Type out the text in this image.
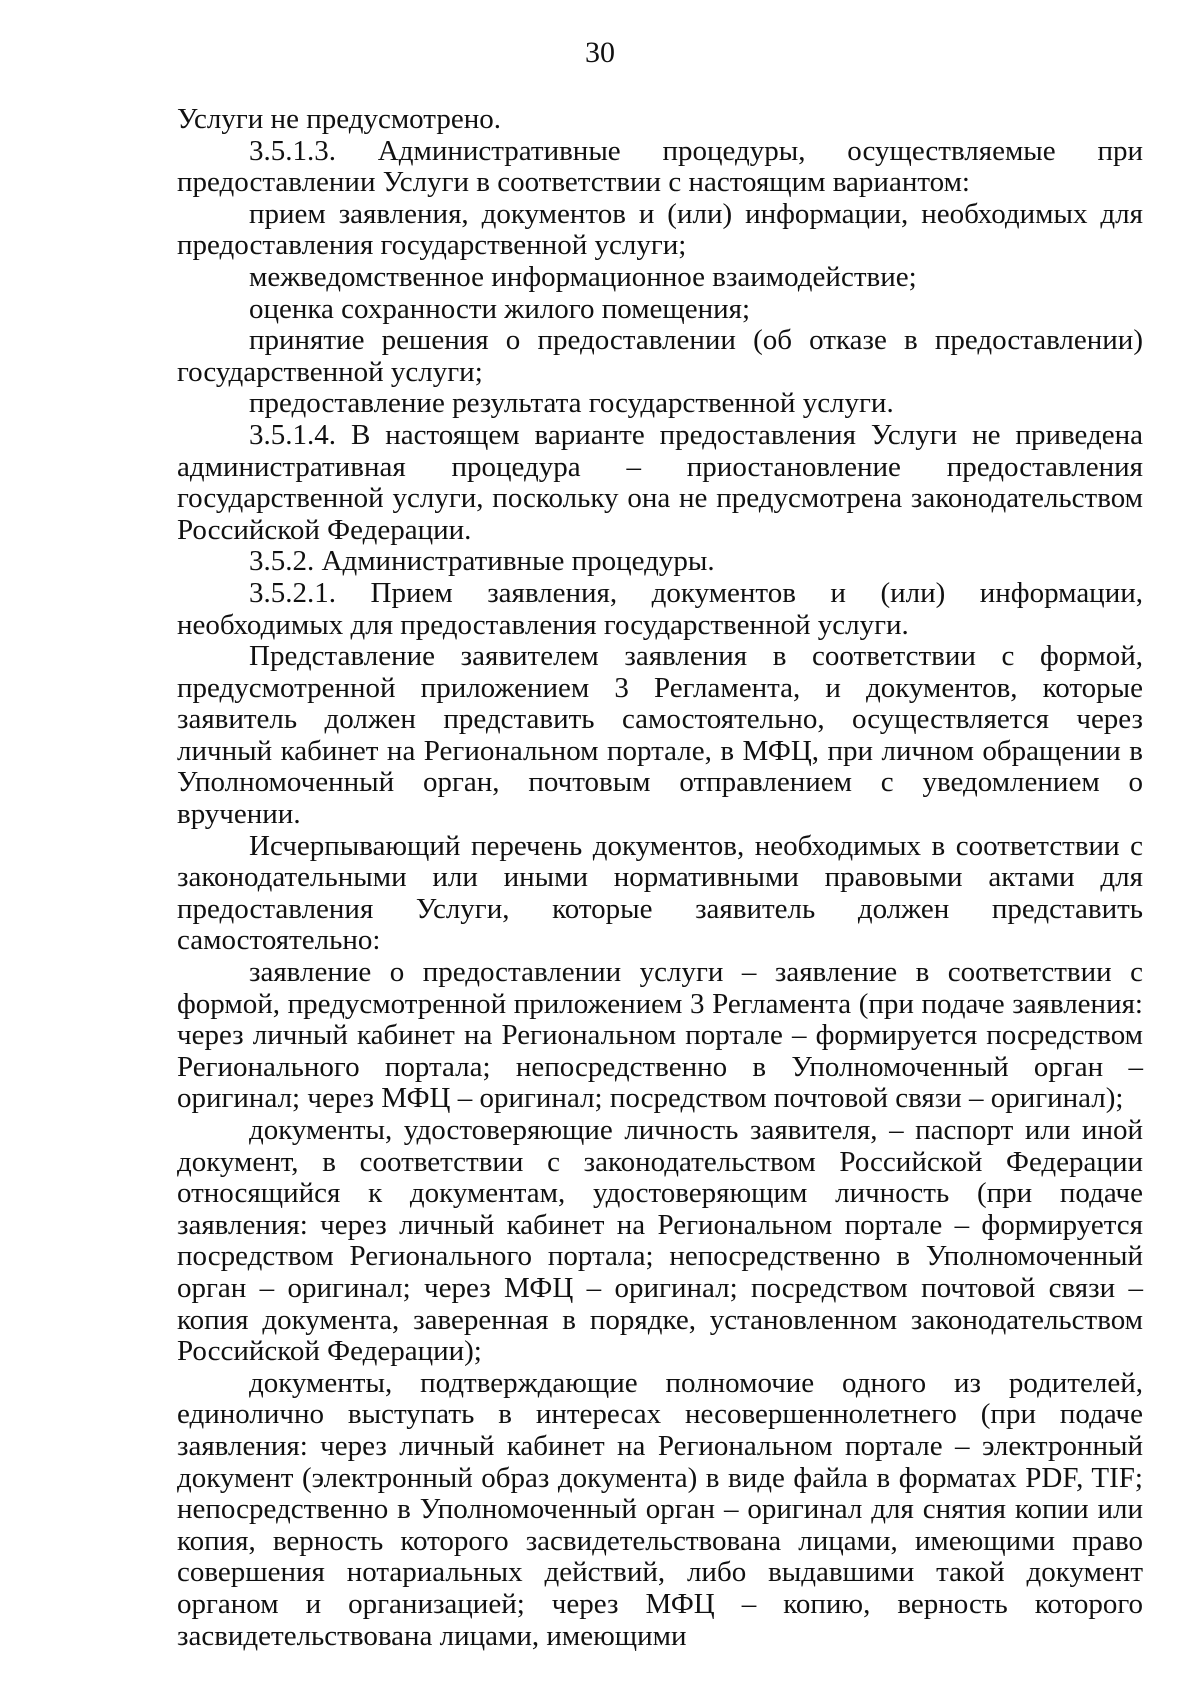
30

Услуги не предусмотрено.

3.5.1.3. Административные процедуры, осуществляемые при предоставлении Услуги в соответствии с настоящим вариантом:

прием заявления, документов и (или) информации, необходимых для предоставления государственной услуги;

межведомственное информационное взаимодействие;

оценка сохранности жилого помещения;

принятие решения о предоставлении (об отказе в предоставлении) государственной услуги;

предоставление результата государственной услуги.

3.5.1.4. В настоящем варианте предоставления Услуги не приведена административная процедура – приостановление предоставления государственной услуги, поскольку она не предусмотрена законодательством Российской Федерации.

3.5.2. Административные процедуры.

3.5.2.1. Прием заявления, документов и (или) информации, необходимых для предоставления государственной услуги.

Представление заявителем заявления в соответствии с формой, предусмотренной приложением 3 Регламента, и документов, которые заявитель должен представить самостоятельно, осуществляется через личный кабинет на Региональном портале, в МФЦ, при личном обращении в Уполномоченный орган, почтовым отправлением с уведомлением о вручении.

Исчерпывающий перечень документов, необходимых в соответствии с законодательными или иными нормативными правовыми актами для предоставления Услуги, которые заявитель должен представить самостоятельно:

заявление о предоставлении услуги – заявление в соответствии с формой, предусмотренной приложением 3 Регламента (при подаче заявления: через личный кабинет на Региональном портале – формируется посредством Регионального портала; непосредственно в Уполномоченный орган – оригинал; через МФЦ – оригинал; посредством почтовой связи – оригинал);

документы, удостоверяющие личность заявителя, – паспорт или иной документ, в соответствии с законодательством Российской Федерации относящийся к документам, удостоверяющим личность (при подаче заявления: через личный кабинет на Региональном портале – формируется посредством Регионального портала; непосредственно в Уполномоченный орган – оригинал; через МФЦ – оригинал; посредством почтовой связи – копия документа, заверенная в порядке, установленном законодательством Российской Федерации);

документы, подтверждающие полномочие одного из родителей, единолично выступать в интересах несовершеннолетнего (при подаче заявления: через личный кабинет на Региональном портале – электронный документ (электронный образ документа) в виде файла в форматах PDF, TIF; непосредственно в Уполномоченный орган – оригинал для снятия копии или копия, верность которого засвидетельствована лицами, имеющими право совершения нотариальных действий, либо выдавшими такой документ органом и организацией; через МФЦ – копию, верность которого засвидетельствована лицами, имеющими
